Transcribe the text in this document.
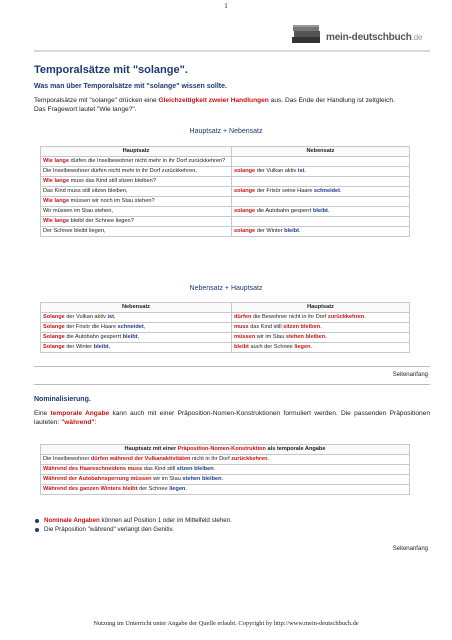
1
mein-deutschbuch.de
Temporalsätze mit "solange".
Was man über Temporalsätze mit "solange" wissen sollte.
Temporalsätze mit "solange" drücken eine Gleichzeitigkeit zweier Handlungen aus. Das Ende der Handlung ist zeitgleich.
Das Fragewort lautet "Wie lange?".
Hauptsatz + Nebensatz
Hauptsatz	Nebensatz
Wie lange dürfen die Inselbewohner nicht mehr in ihr Dorf zurückkehren?	
Die Inselbewohner dürfen nicht mehr in ihr Dorf zurückkehren,	solange der Vulkan aktiv ist.
Wie lange muss das Kind still sitzen bleiben?	
Das Kind muss still sitzen bleiben,	solange der Frisör seine Haare schneidet.
Wie lange müssen wir noch im Stau stehen?	
Wir müssen im Stau stehen,	solange die Autobahn gesperrt bleibt.
Wie lange bleibt der Schnee liegen?	
Der Schnee bleibt liegen,	solange der Winter bleibt.
Nebensatz + Hauptsatz
Nebensatz	Hauptsatz
Solange der Vulkan aktiv ist,	dürfen die Bewohner nicht in ihr Dorf zurückkehren.
Solange der Frisör die Haare schneidet,	muss das Kind still sitzen bleiben.
Solange die Autobahn gesperrt bleibt,	müssen wir im Stau stehen bleiben.
Solange der Winter bleibt,	bleibt auch der Schnee liegen.
Seitenanfang
Nominalisierung.
Eine temporale Angabe kann auch mit einer Präposition-Nomen-Konstruktionen formuliert werden. Die passenden Präpositionen lauteten: "während":
Hauptsatz mit einer Präposition-Nomen-Konstruktion als temporale Angabe
Die Inselbewohner dürfen während der Vulkanaktivitäten nicht in ihr Dorf zurückkehren.
Während des Haareschneidens muss das Kind still sitzen bleiben.
Während der Autobahnsperrung müssen wir im Stau stehen bleiben.
Während des ganzen Winters bleibt der Schnee liegen.
Nominale Angaben können auf Position 1 oder im Mittelfeld stehen.
Die Präposition "während" verlangt den Genitiv.
Seitenanfang
Nutzung im Unterricht unter Angabe der Quelle erlaubt. Copyright by http://www.mein-deutschbuch.de
